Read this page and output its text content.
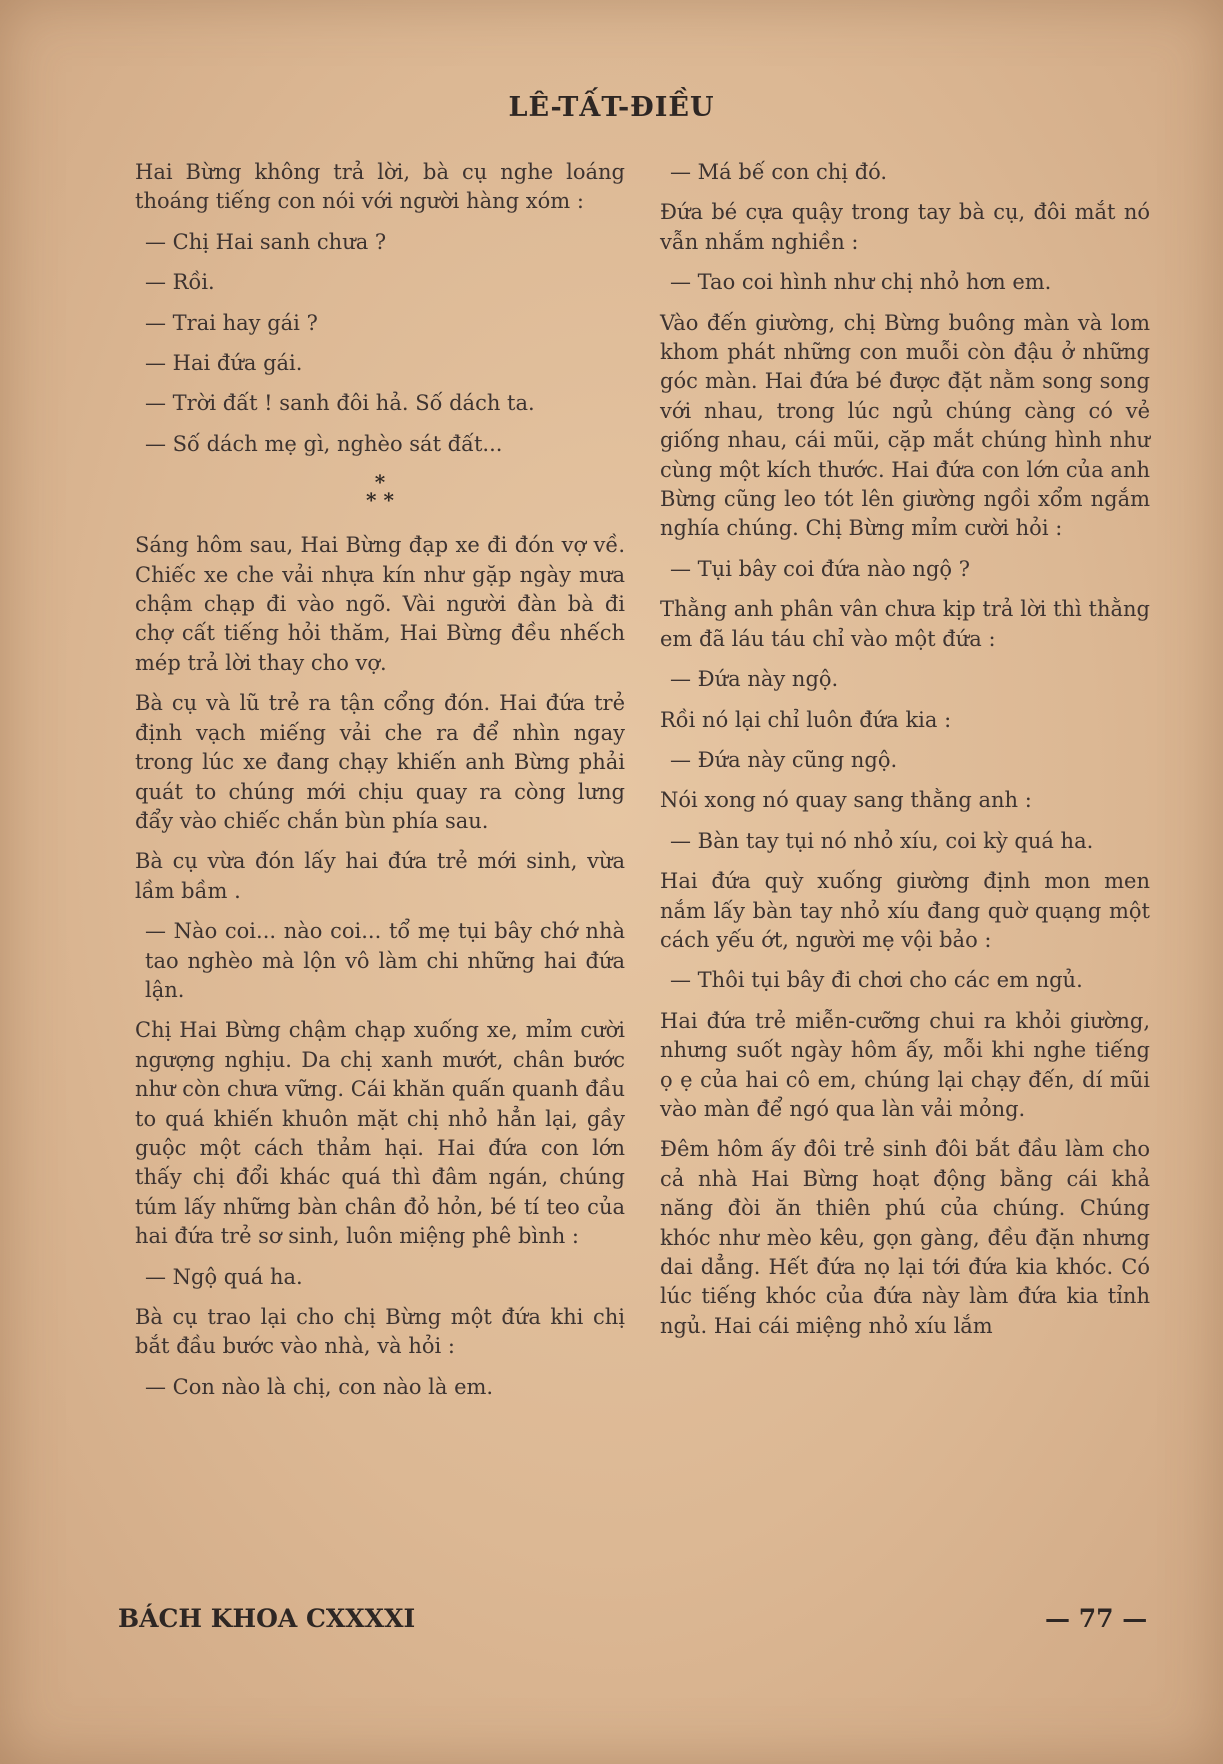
LÊ-TẤT-ĐIỀU

Hai Bừng không trả lời, bà cụ nghe loáng thoáng tiếng con nói với người hàng xóm :

— Chị Hai sanh chưa ?

— Rồi.

— Trai hay gái ?

— Hai đứa gái.

— Trời đất ! sanh đôi hả. Số dách ta.

— Số dách mẹ gì, nghèo sát đất...

*
* *

Sáng hôm sau, Hai Bừng đạp xe đi đón vợ về. Chiếc xe che vải nhựa kín như gặp ngày mưa chậm chạp đi vào ngõ. Vài người đàn bà đi chợ cất tiếng hỏi thăm, Hai Bừng đều nhếch mép trả lời thay cho vợ.

Bà cụ và lũ trẻ ra tận cổng đón. Hai đứa trẻ định vạch miếng vải che ra để nhìn ngay trong lúc xe đang chạy khiến anh Bừng phải quát to chúng mới chịu quay ra còng lưng đẩy vào chiếc chắn bùn phía sau.

Bà cụ vừa đón lấy hai đứa trẻ mới sinh, vừa lầm bầm .

— Nào coi... nào coi... tổ mẹ tụi bây chớ nhà tao nghèo mà lộn vô làm chi những hai đứa lận.

Chị Hai Bừng chậm chạp xuống xe, mỉm cười ngượng nghịu. Da chị xanh mướt, chân bước như còn chưa vững. Cái khăn quấn quanh đầu to quá khiến khuôn mặt chị nhỏ hẳn lại, gầy guộc một cách thảm hại. Hai đứa con lớn thấy chị đổi khác quá thì đâm ngán, chúng túm lấy những bàn chân đỏ hỏn, bé tí teo của hai đứa trẻ sơ sinh, luôn miệng phê bình :

— Ngộ quá ha.

Bà cụ trao lại cho chị Bừng một đứa khi chị bắt đầu bước vào nhà, và hỏi :

— Con nào là chị, con nào là em.

— Má bế con chị đó.

Đứa bé cựa quậy trong tay bà cụ, đôi mắt nó vẫn nhắm nghiền :

— Tao coi hình như chị nhỏ hơn em.

Vào đến giường, chị Bừng buông màn và lom khom phát những con muỗi còn đậu ở những góc màn. Hai đứa bé được đặt nằm song song với nhau, trong lúc ngủ chúng càng có vẻ giống nhau, cái mũi, cặp mắt chúng hình như cùng một kích thước. Hai đứa con lớn của anh Bừng cũng leo tót lên giường ngồi xổm ngắm nghía chúng. Chị Bừng mỉm cười hỏi :

— Tụi bây coi đứa nào ngộ ?

Thằng anh phân vân chưa kịp trả lời thì thằng em đã láu táu chỉ vào một đứa :

— Đứa này ngộ.

Rồi nó lại chỉ luôn đứa kia :

— Đứa này cũng ngộ.

Nói xong nó quay sang thằng anh :

— Bàn tay tụi nó nhỏ xíu, coi kỳ quá ha.

Hai đứa quỳ xuống giường định mon men nắm lấy bàn tay nhỏ xíu đang quờ quạng một cách yếu ớt, người mẹ vội bảo :

— Thôi tụi bây đi chơi cho các em ngủ.

Hai đứa trẻ miễn-cưỡng chui ra khỏi giường, nhưng suốt ngày hôm ấy, mỗi khi nghe tiếng ọ ẹ của hai cô em, chúng lại chạy đến, dí mũi vào màn để ngó qua làn vải mỏng.

Đêm hôm ấy đôi trẻ sinh đôi bắt đầu làm cho cả nhà Hai Bừng hoạt động bằng cái khả năng đòi ăn thiên phú của chúng. Chúng khóc như mèo kêu, gọn gàng, đều đặn nhưng dai dẳng. Hết đứa nọ lại tới đứa kia khóc. Có lúc tiếng khóc của đứa này làm đứa kia tỉnh ngủ. Hai cái miệng nhỏ xíu lắm

BÁCH KHOA CXXXXI	— 77 —
